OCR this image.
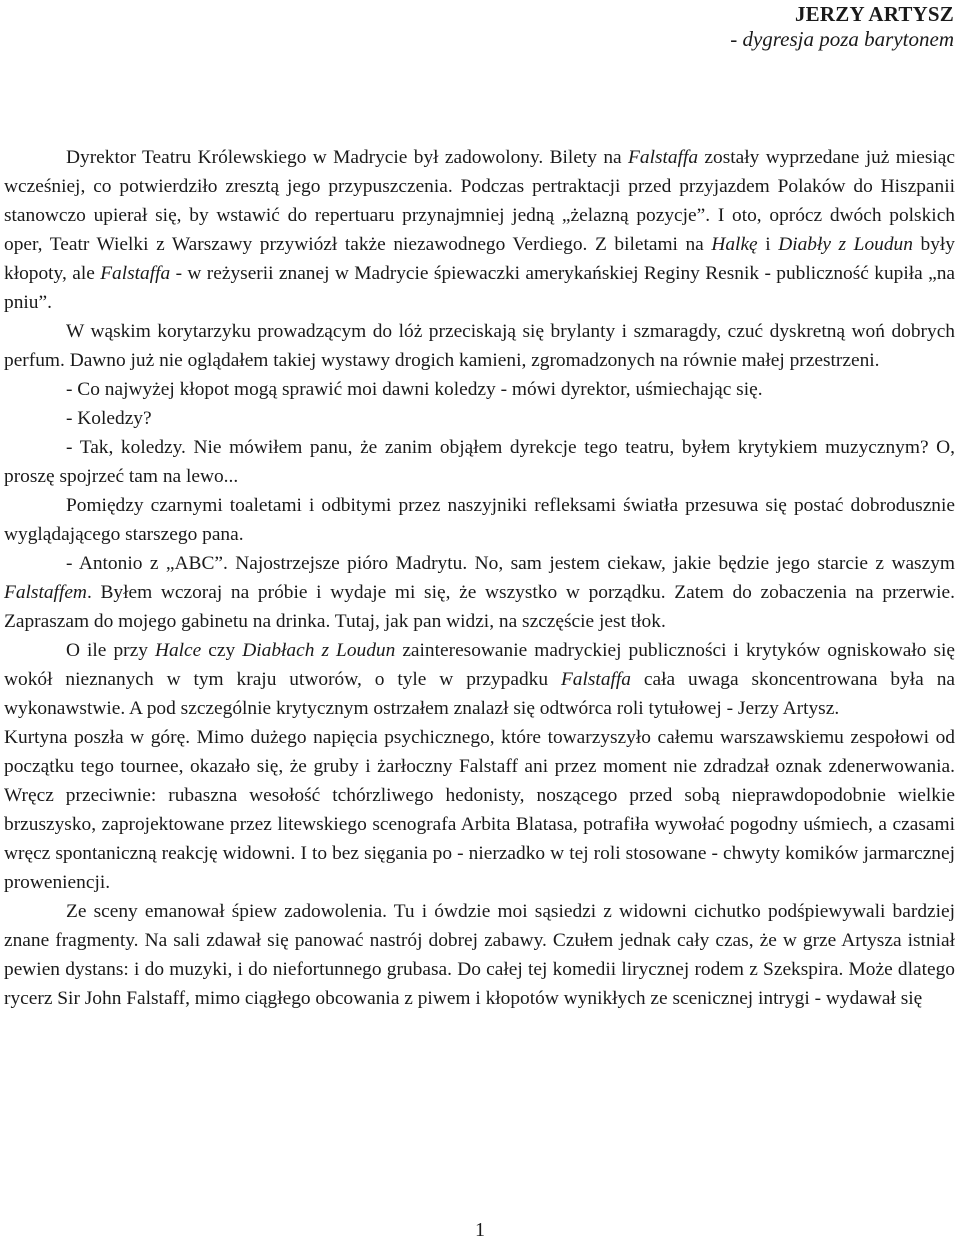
JERZY ARTYSZ
- dygresja poza barytonem

Dyrektor Teatru Królewskiego w Madrycie był zadowolony. Bilety na Falstaffa zostały wyprzedane już miesiąc wcześniej, co potwierdziło zresztą jego przypuszczenia. Podczas pertraktacji przed przyjazdem Polaków do Hiszpanii stanowczo upierał się, by wstawić do repertuaru przynajmniej jedną „żelazną pozycje”. I oto, oprócz dwóch polskich oper, Teatr Wielki z Warszawy przywiózł także niezawodnego Verdiego. Z biletami na Halkę i Diabły z Loudun były kłopoty, ale Falstaffa - w reżyserii znanej w Madrycie śpiewaczki amerykańskiej Reginy Resnik - publiczność kupiła „na pniu”.

W wąskim korytarzyku prowadzącym do lóż przeciskają się brylanty i szmaragdy, czuć dyskretną woń dobrych perfum. Dawno już nie oglądałem takiej wystawy drogich kamieni, zgromadzonych na równie małej przestrzeni.

- Co najwyżej kłopot mogą sprawić moi dawni koledzy - mówi dyrektor, uśmiechając się.

- Koledzy?

- Tak, koledzy. Nie mówiłem panu, że zanim objąłem dyrekcje tego teatru, byłem krytykiem muzycznym? O, proszę spojrzeć tam na lewo...

Pomiędzy czarnymi toaletami i odbitymi przez naszyjniki refleksami światła przesuwa się postać dobrodusznie wyglądającego starszego pana.

- Antonio z „ABC”. Najostrzejsze pióro Madrytu. No, sam jestem ciekaw, jakie będzie jego starcie z waszym Falstaffem. Byłem wczoraj na próbie i wydaje mi się, że wszystko w porządku. Zatem do zobaczenia na przerwie. Zapraszam do mojego gabinetu na drinka. Tutaj, jak pan widzi, na szczęście jest tłok.

O ile przy Halce czy Diabłach z Loudun zainteresowanie madryckiej publiczności i krytyków ogniskowało się wokół nieznanych w tym kraju utworów, o tyle w przypadku Falstaffa cała uwaga skoncentrowana była na wykonawstwie. A pod szczególnie krytycznym ostrzałem znalazł się odtwórca roli tytułowej - Jerzy Artysz.

Kurtyna poszła w górę. Mimo dużego napięcia psychicznego, które towarzyszyło całemu warszawskiemu zespołowi od początku tego tournee, okazało się, że gruby i żarłoczny Falstaff ani przez moment nie zdradzał oznak zdenerwowania. Wręcz przeciwnie: rubaszna wesołość tchórzliwego hedonisty, noszącego przed sobą nieprawdopodobnie wielkie brzuszysko, zaprojektowane przez litewskiego scenografa Arbita Blatasa, potrafiła wywołać pogodny uśmiech, a czasami wręcz spontaniczną reakcję widowni. I to bez sięgania po - nierzadko w tej roli stosowane - chwyty komików jarmarcznej proweniencji.

Ze sceny emanował śpiew zadowolenia. Tu i ówdzie moi sąsiedzi z widowni cichutko podśpiewywali bardziej znane fragmenty. Na sali zdawał się panować nastrój dobrej zabawy. Czułem jednak cały czas, że w grze Artysza istniał pewien dystans: i do muzyki, i do niefortunnego grubasa. Do całej tej komedii lirycznej rodem z Szekspira. Może dlatego rycerz Sir John Falstaff, mimo ciągłego obcowania z piwem i kłopotów wynikłych ze scenicznej intrygi - wydawał się

1
